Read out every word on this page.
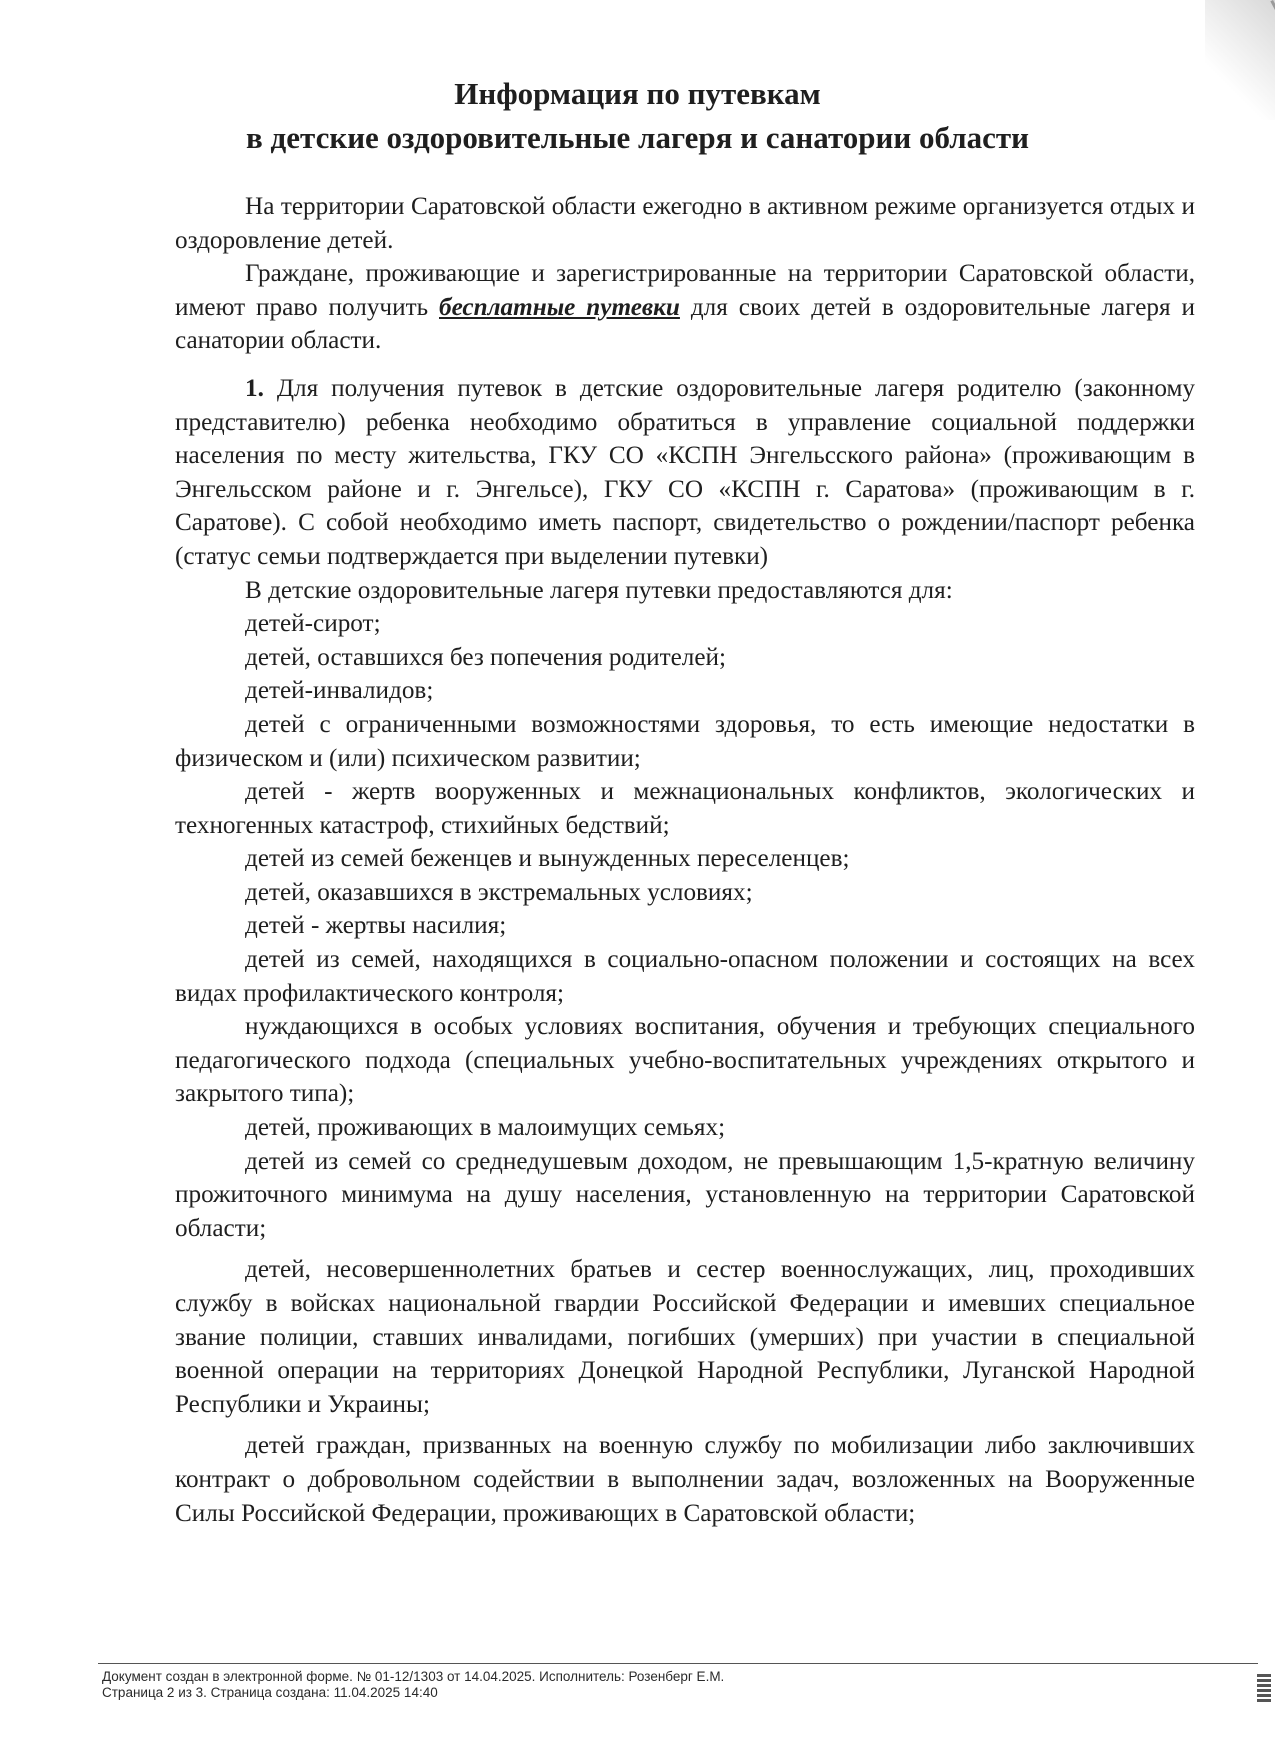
Информация по путевкам
в детские оздоровительные лагеря и санатории области

На территории Саратовской области ежегодно в активном режиме организуется отдых и оздоровление детей.

Граждане, проживающие и зарегистрированные на территории Саратовской области, имеют право получить бесплатные путевки для своих детей в оздоровительные лагеря и санатории области.

1. Для получения путевок в детские оздоровительные лагеря родителю (законному представителю) ребенка необходимо обратиться в управление социальной поддержки населения по месту жительства, ГКУ СО «КСПН Энгельсского района» (проживающим в Энгельсском районе и г. Энгельсе), ГКУ СО «КСПН г. Саратова» (проживающим в г. Саратове). С собой необходимо иметь паспорт, свидетельство о рождении/паспорт ребенка (статус семьи подтверждается при выделении путевки)

В детские оздоровительные лагеря путевки предоставляются для:

детей-сирот;

детей, оставшихся без попечения родителей;

детей-инвалидов;

детей с ограниченными возможностями здоровья, то есть имеющие недостатки в физическом и (или) психическом развитии;

детей - жертв вооруженных и межнациональных конфликтов, экологических и техногенных катастроф, стихийных бедствий;

детей из семей беженцев и вынужденных переселенцев;

детей, оказавшихся в экстремальных условиях;

детей - жертвы насилия;

детей из семей, находящихся в социально-опасном положении и состоящих на всех видах профилактического контроля;

нуждающихся в особых условиях воспитания, обучения и требующих специального педагогического подхода (специальных учебно-воспитательных учреждениях открытого и закрытого типа);

детей, проживающих в малоимущих семьях;

детей из семей со среднедушевым доходом, не превышающим 1,5-кратную величину прожиточного минимума на душу населения, установленную на территории Саратовской области;

детей, несовершеннолетних братьев и сестер военнослужащих, лиц, проходивших службу в войсках национальной гвардии Российской Федерации и имевших специальное звание полиции, ставших инвалидами, погибших (умерших) при участии в специальной военной операции на территориях Донецкой Народной Республики, Луганской Народной Республики и Украины;

детей граждан, призванных на военную службу по мобилизации либо заключивших контракт о добровольном содействии в выполнении задач, возложенных на Вооруженные Силы Российской Федерации, проживающих в Саратовской области;

Документ создан в электронной форме. № 01-12/1303 от 14.04.2025. Исполнитель: Розенберг Е.М.
Страница 2 из 3. Страница создана: 11.04.2025 14:40
